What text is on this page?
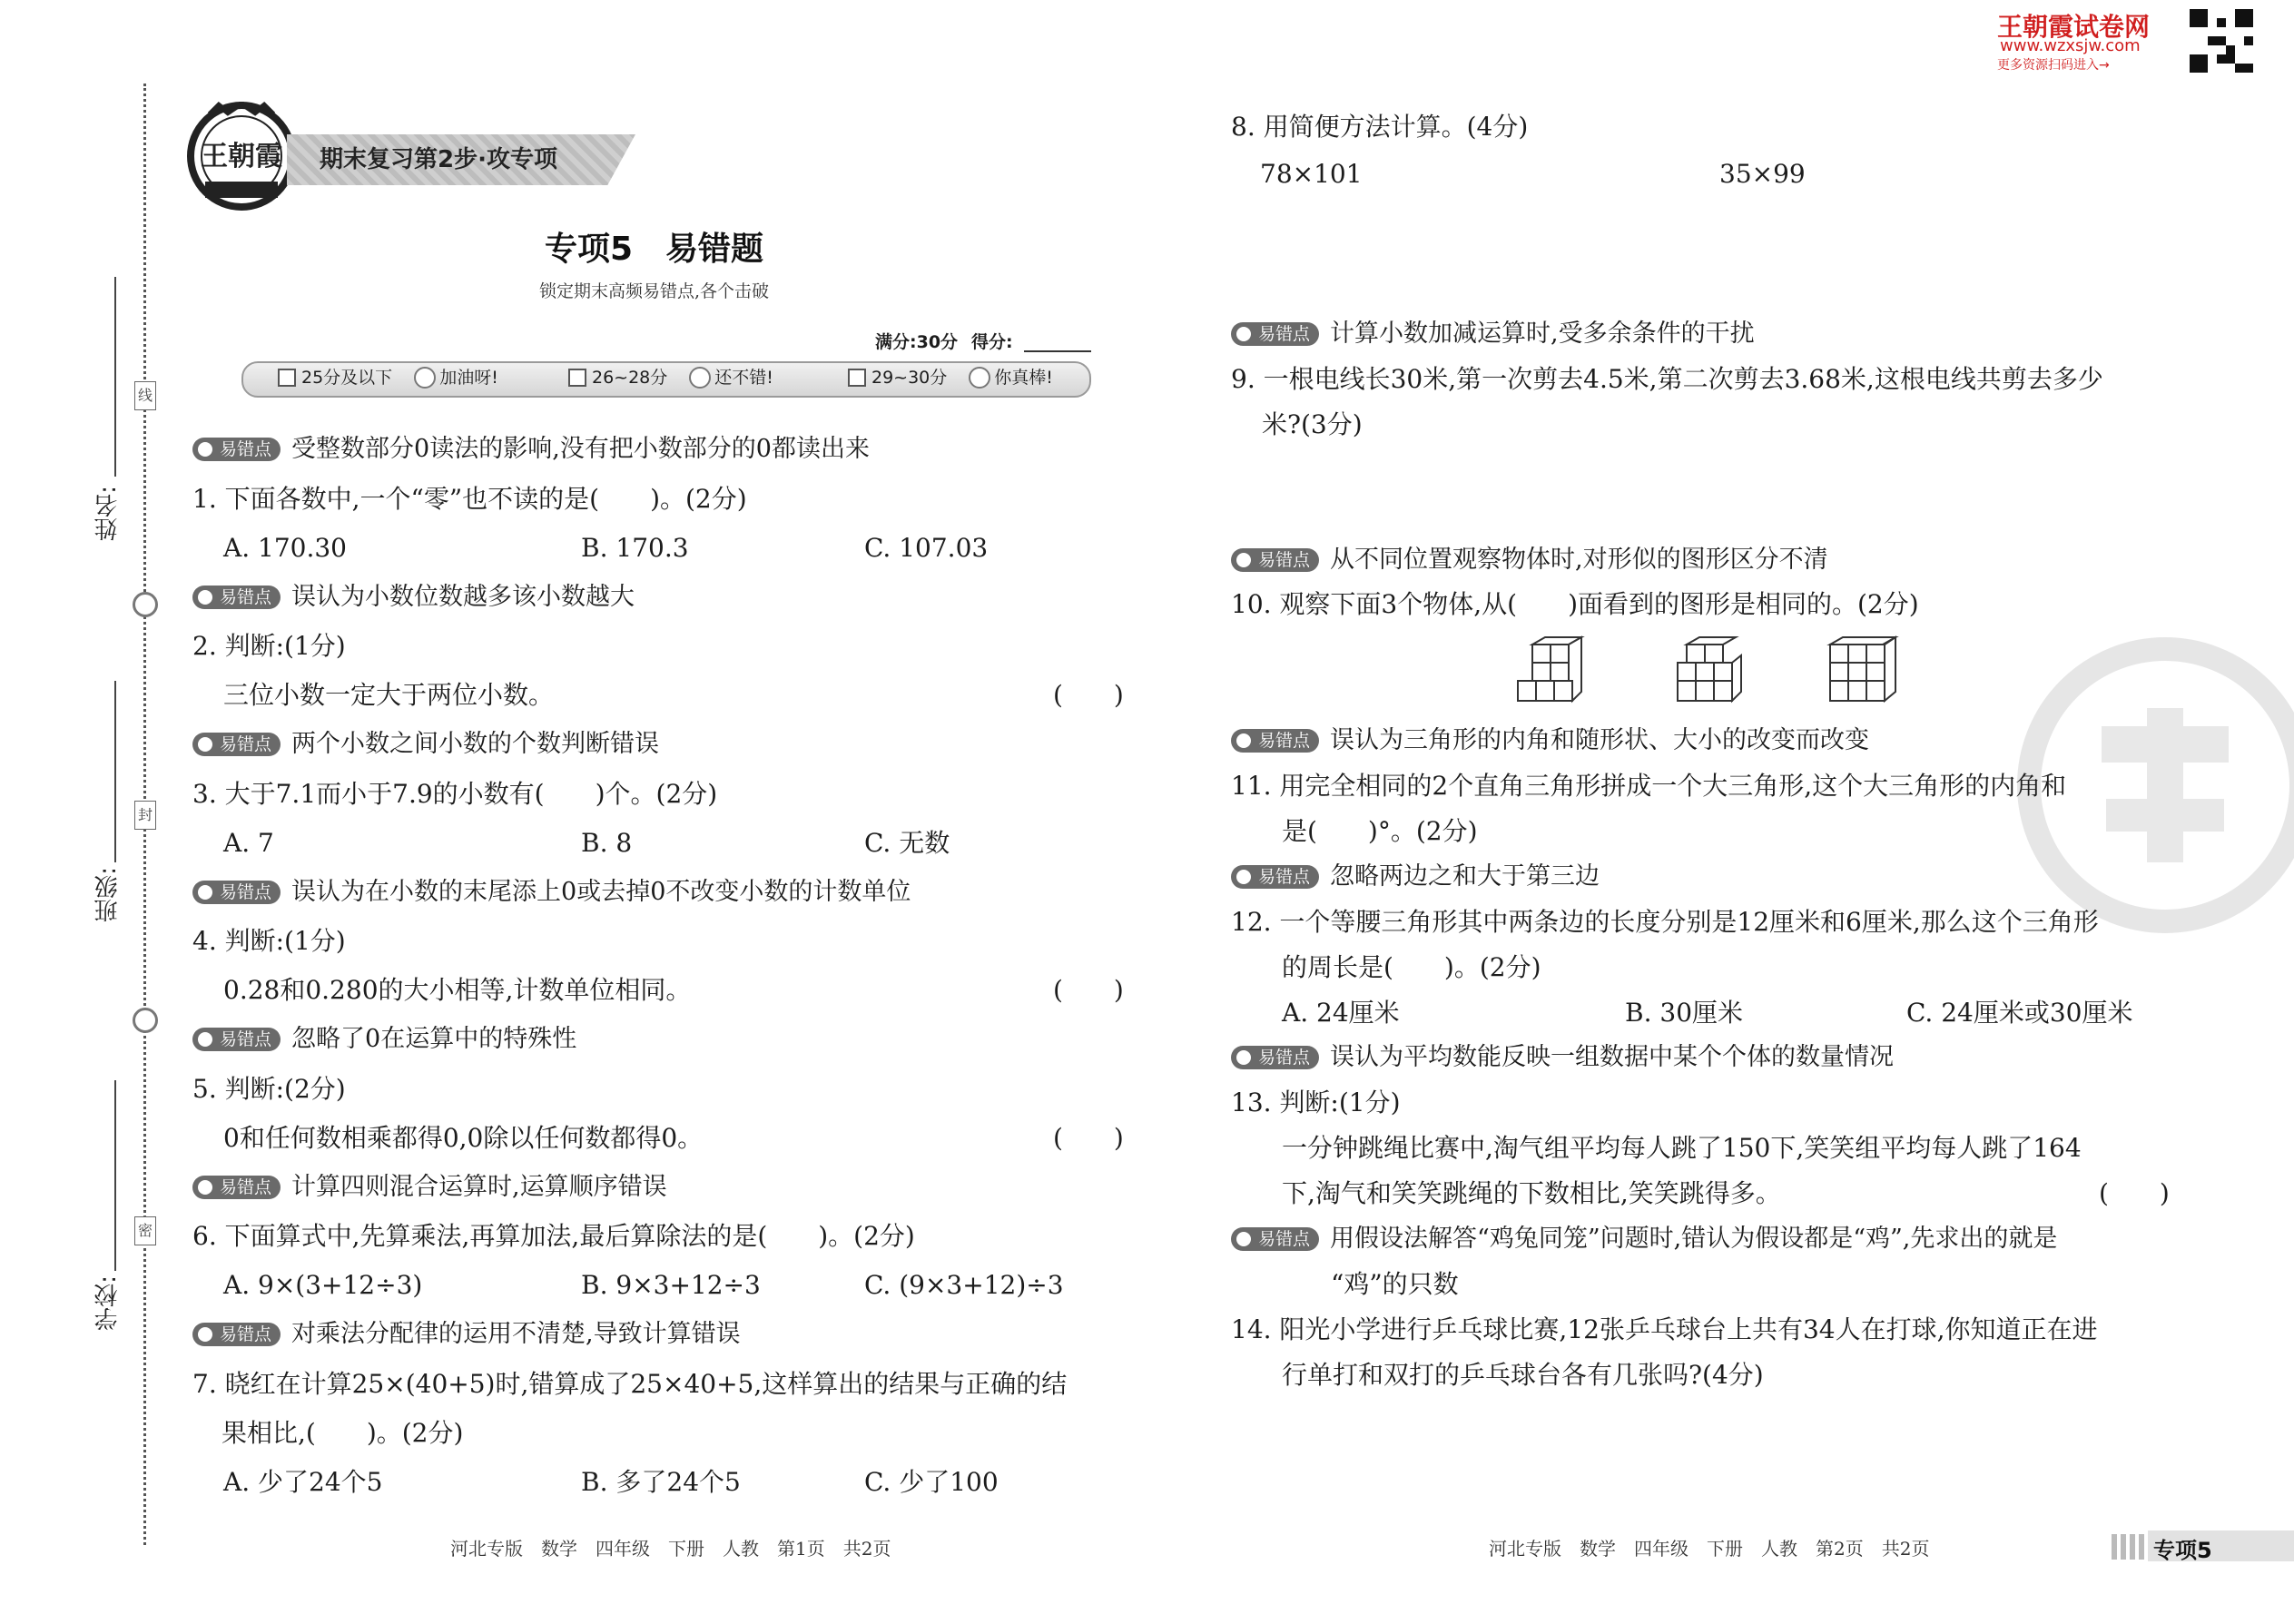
王朝霞试卷网
www.wzxsjw.com
更多资源扫码进入→
线
封
密
姓名:
班级:
学校:
王朝霞 期末复习第2步·攻专项
专项5　易错题
锁定期末高频易错点,各个击破
满分:30分 得分:
25分及以下	加油呀!	26~28分	还不错!	29~30分	你真棒!
易错点 受整数部分0读法的影响,没有把小数部分的0都读出来
1. 下面各数中,一个“零”也不读的是(　　)。(2分)
A. 170.30	B. 170.3	C. 107.03
易错点 误认为小数位数越多该小数越大
2. 判断:(1分)
三位小数一定大于两位小数。	(　　)
易错点 两个小数之间小数的个数判断错误
3. 大于7.1而小于7.9的小数有(　　)个。(2分)
A. 7	B. 8	C. 无数
易错点 误认为在小数的末尾添上0或去掉0不改变小数的计数单位
4. 判断:(1分)
0.28和0.280的大小相等,计数单位相同。	(　　)
易错点 忽略了0在运算中的特殊性
5. 判断:(2分)
0和任何数相乘都得0,0除以任何数都得0。	(　　)
易错点 计算四则混合运算时,运算顺序错误
6. 下面算式中,先算乘法,再算加法,最后算除法的是(　　)。(2分)
A. 9×(3+12÷3)	B. 9×3+12÷3	C. (9×3+12)÷3
易错点 对乘法分配律的运用不清楚,导致计算错误
7. 晓红在计算25×(40+5)时,错算成了25×40+5,这样算出的结果与正确的结
果相比,(　　)。(2分)
A. 少了24个5	B. 多了24个5	C. 少了100
河北专版　数学　四年级　下册　人教　第1页　共2页
8. 用简便方法计算。(4分)
78×101	35×99
易错点 计算小数加减运算时,受多余条件的干扰
9. 一根电线长30米,第一次剪去4.5米,第二次剪去3.68米,这根电线共剪去多少
米?(3分)
易错点 从不同位置观察物体时,对形似的图形区分不清
10. 观察下面3个物体,从(　　)面看到的图形是相同的。(2分)
易错点 误认为三角形的内角和随形状、大小的改变而改变
11. 用完全相同的2个直角三角形拼成一个大三角形,这个大三角形的内角和
是(　　)°。(2分)
易错点 忽略两边之和大于第三边
12. 一个等腰三角形其中两条边的长度分别是12厘米和6厘米,那么这个三角形
的周长是(　　)。(2分)
A. 24厘米	B. 30厘米	C. 24厘米或30厘米
易错点 误认为平均数能反映一组数据中某个个体的数量情况
13. 判断:(1分)
一分钟跳绳比赛中,淘气组平均每人跳了150下,笑笑组平均每人跳了164
下,淘气和笑笑跳绳的下数相比,笑笑跳得多。	(　　)
易错点 用假设法解答“鸡兔同笼”问题时,错认为假设都是“鸡”,先求出的就是
“鸡”的只数
14. 阳光小学进行乒乓球比赛,12张乒乓球台上共有34人在打球,你知道正在进
行单打和双打的乒乓球台各有几张吗?(4分)
河北专版　数学　四年级　下册　人教　第2页　共2页	专项5
